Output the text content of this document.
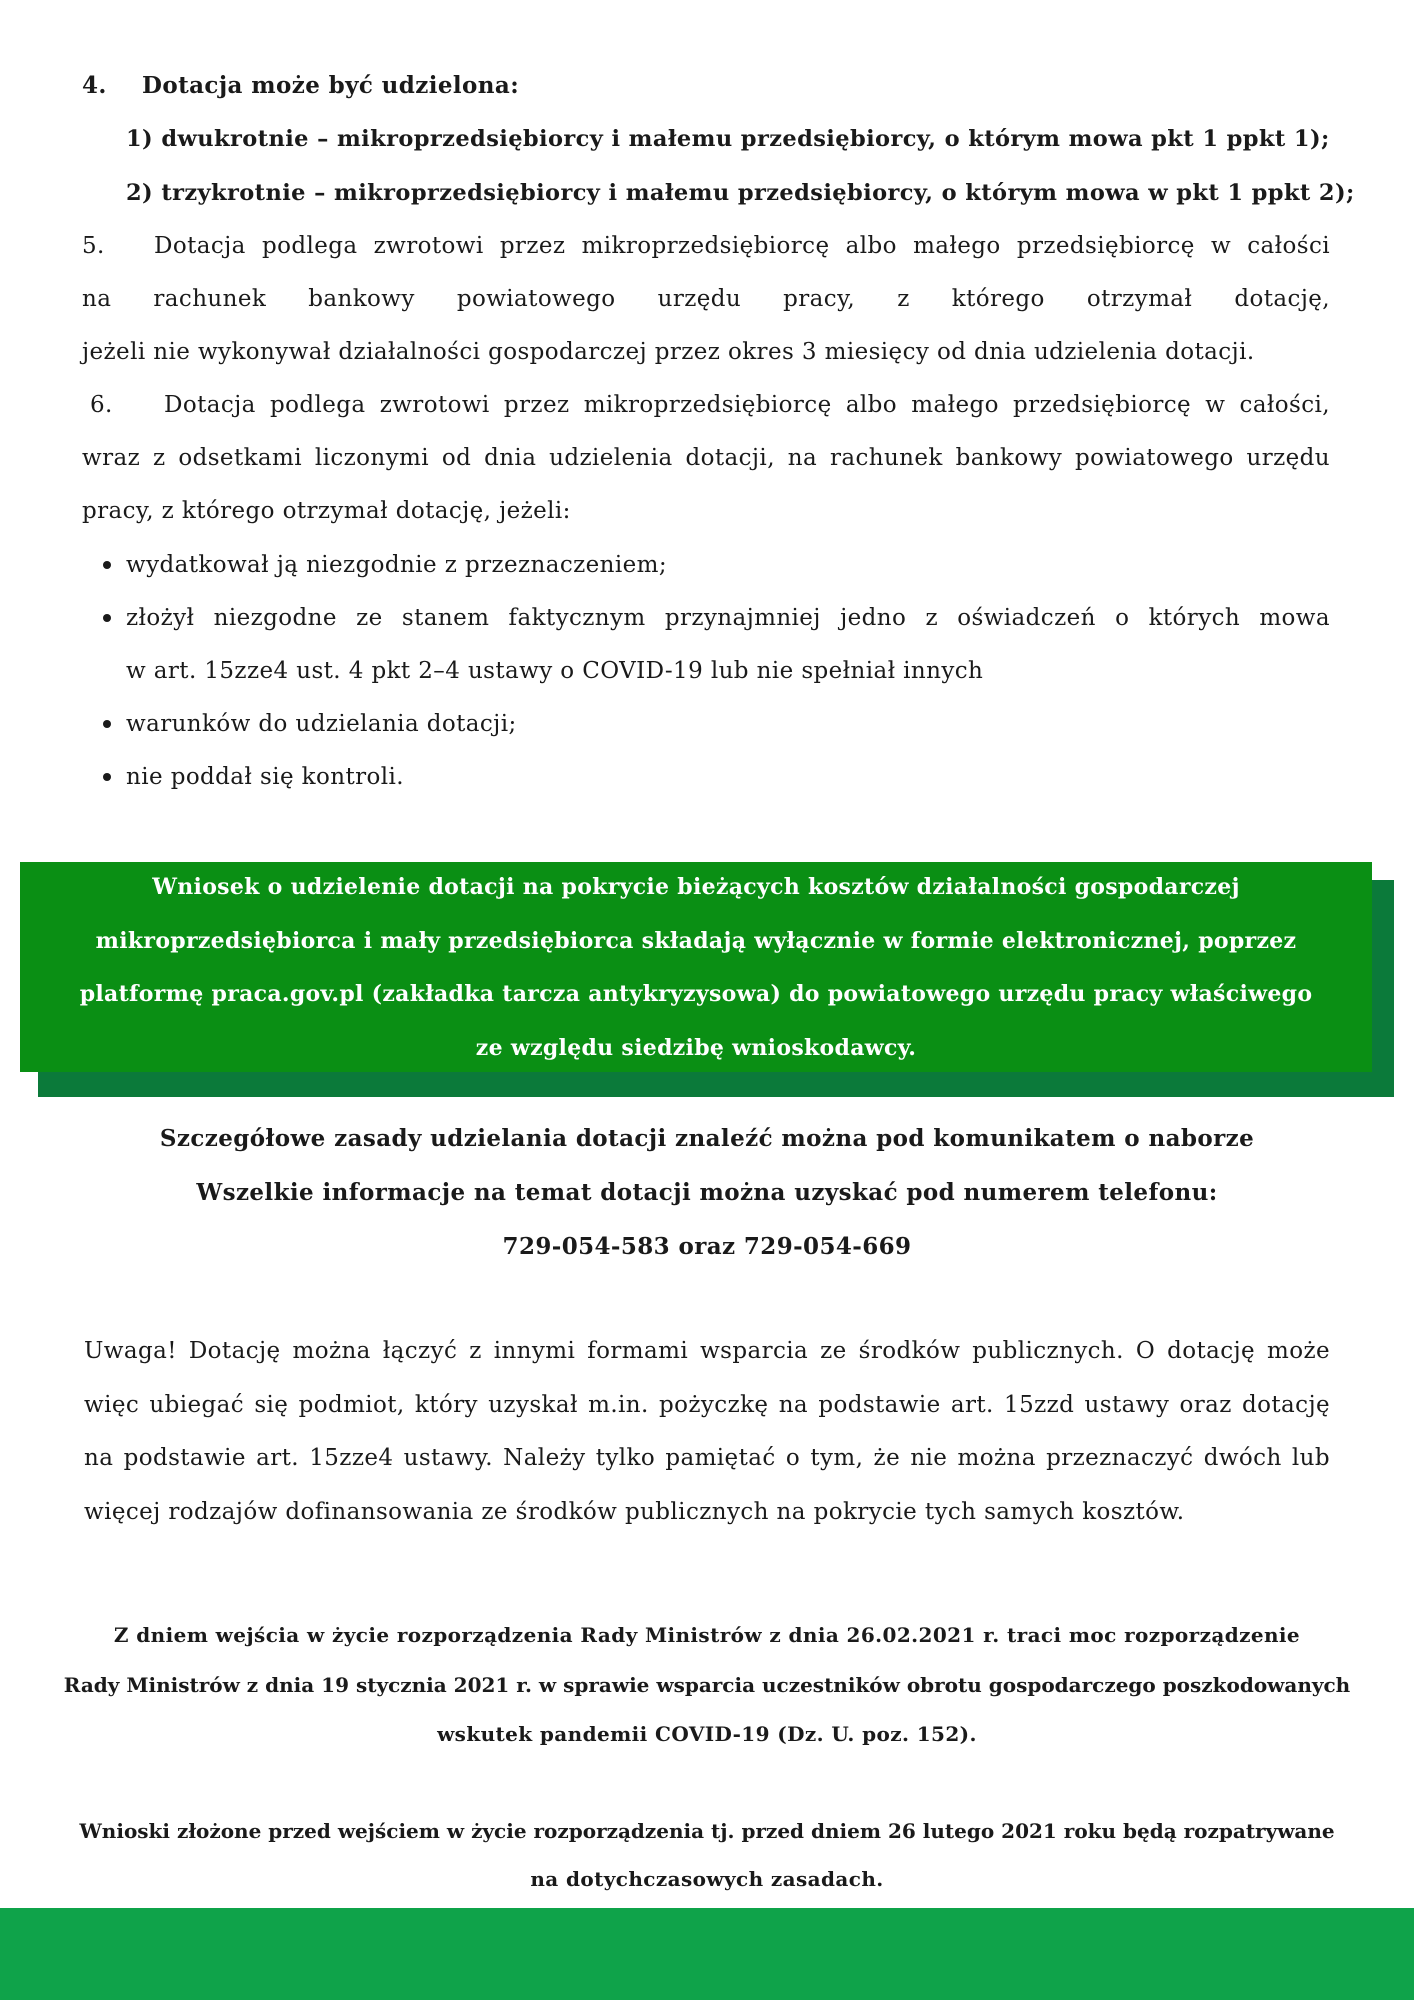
4. Dotacja może być udzielona:
1) dwukrotnie – mikroprzedsiębiorcy i małemu przedsiębiorcy, o którym mowa pkt 1 ppkt 1);
2) trzykrotnie – mikroprzedsiębiorcy i małemu przedsiębiorcy, o którym mowa w pkt 1 ppkt 2);
5. Dotacja podlega zwrotowi przez mikroprzedsiębiorcę albo małego przedsiębiorcę w całości
na rachunek bankowy powiatowego urzędu pracy, z którego otrzymał dotację,
jeżeli nie wykonywał działalności gospodarczej przez okres 3 miesięcy od dnia udzielenia dotacji.
6. Dotacja podlega zwrotowi przez mikroprzedsiębiorcę albo małego przedsiębiorcę w całości,
wraz z odsetkami liczonymi od dnia udzielenia dotacji, na rachunek bankowy powiatowego urzędu
pracy, z którego otrzymał dotację, jeżeli:
wydatkował ją niezgodnie z przeznaczeniem;
złożył niezgodne ze stanem faktycznym przynajmniej jedno z oświadczeń o których mowa
w art. 15zze4 ust. 4 pkt 2–4 ustawy o COVID-19 lub nie spełniał innych
warunków do udzielania dotacji;
nie poddał się kontroli.
Wniosek o udzielenie dotacji na pokrycie bieżących kosztów działalności gospodarczej
mikroprzedsiębiorca i mały przedsiębiorca składają wyłącznie w formie elektronicznej, poprzez
platformę praca.gov.pl (zakładka tarcza antykryzysowa) do powiatowego urzędu pracy właściwego
ze względu siedzibę wnioskodawcy.
Szczegółowe zasady udzielania dotacji znaleźć można pod komunikatem o naborze
Wszelkie informacje na temat dotacji można uzyskać pod numerem telefonu:
729-054-583 oraz 729-054-669
Uwaga! Dotację można łączyć z innymi formami wsparcia ze środków publicznych. O dotację może
więc ubiegać się podmiot, który uzyskał m.in. pożyczkę na podstawie art. 15zzd ustawy oraz dotację
na podstawie art. 15zze4 ustawy. Należy tylko pamiętać o tym, że nie można przeznaczyć dwóch lub
więcej rodzajów dofinansowania ze środków publicznych na pokrycie tych samych kosztów.
Z dniem wejścia w życie rozporządzenia Rady Ministrów z dnia 26.02.2021 r. traci moc rozporządzenie
Rady Ministrów z dnia 19 stycznia 2021 r. w sprawie wsparcia uczestników obrotu gospodarczego poszkodowanych
wskutek pandemii COVID-19 (Dz. U. poz. 152).
Wnioski złożone przed wejściem w życie rozporządzenia tj. przed dniem 26 lutego 2021 roku będą rozpatrywane
na dotychczasowych zasadach.
